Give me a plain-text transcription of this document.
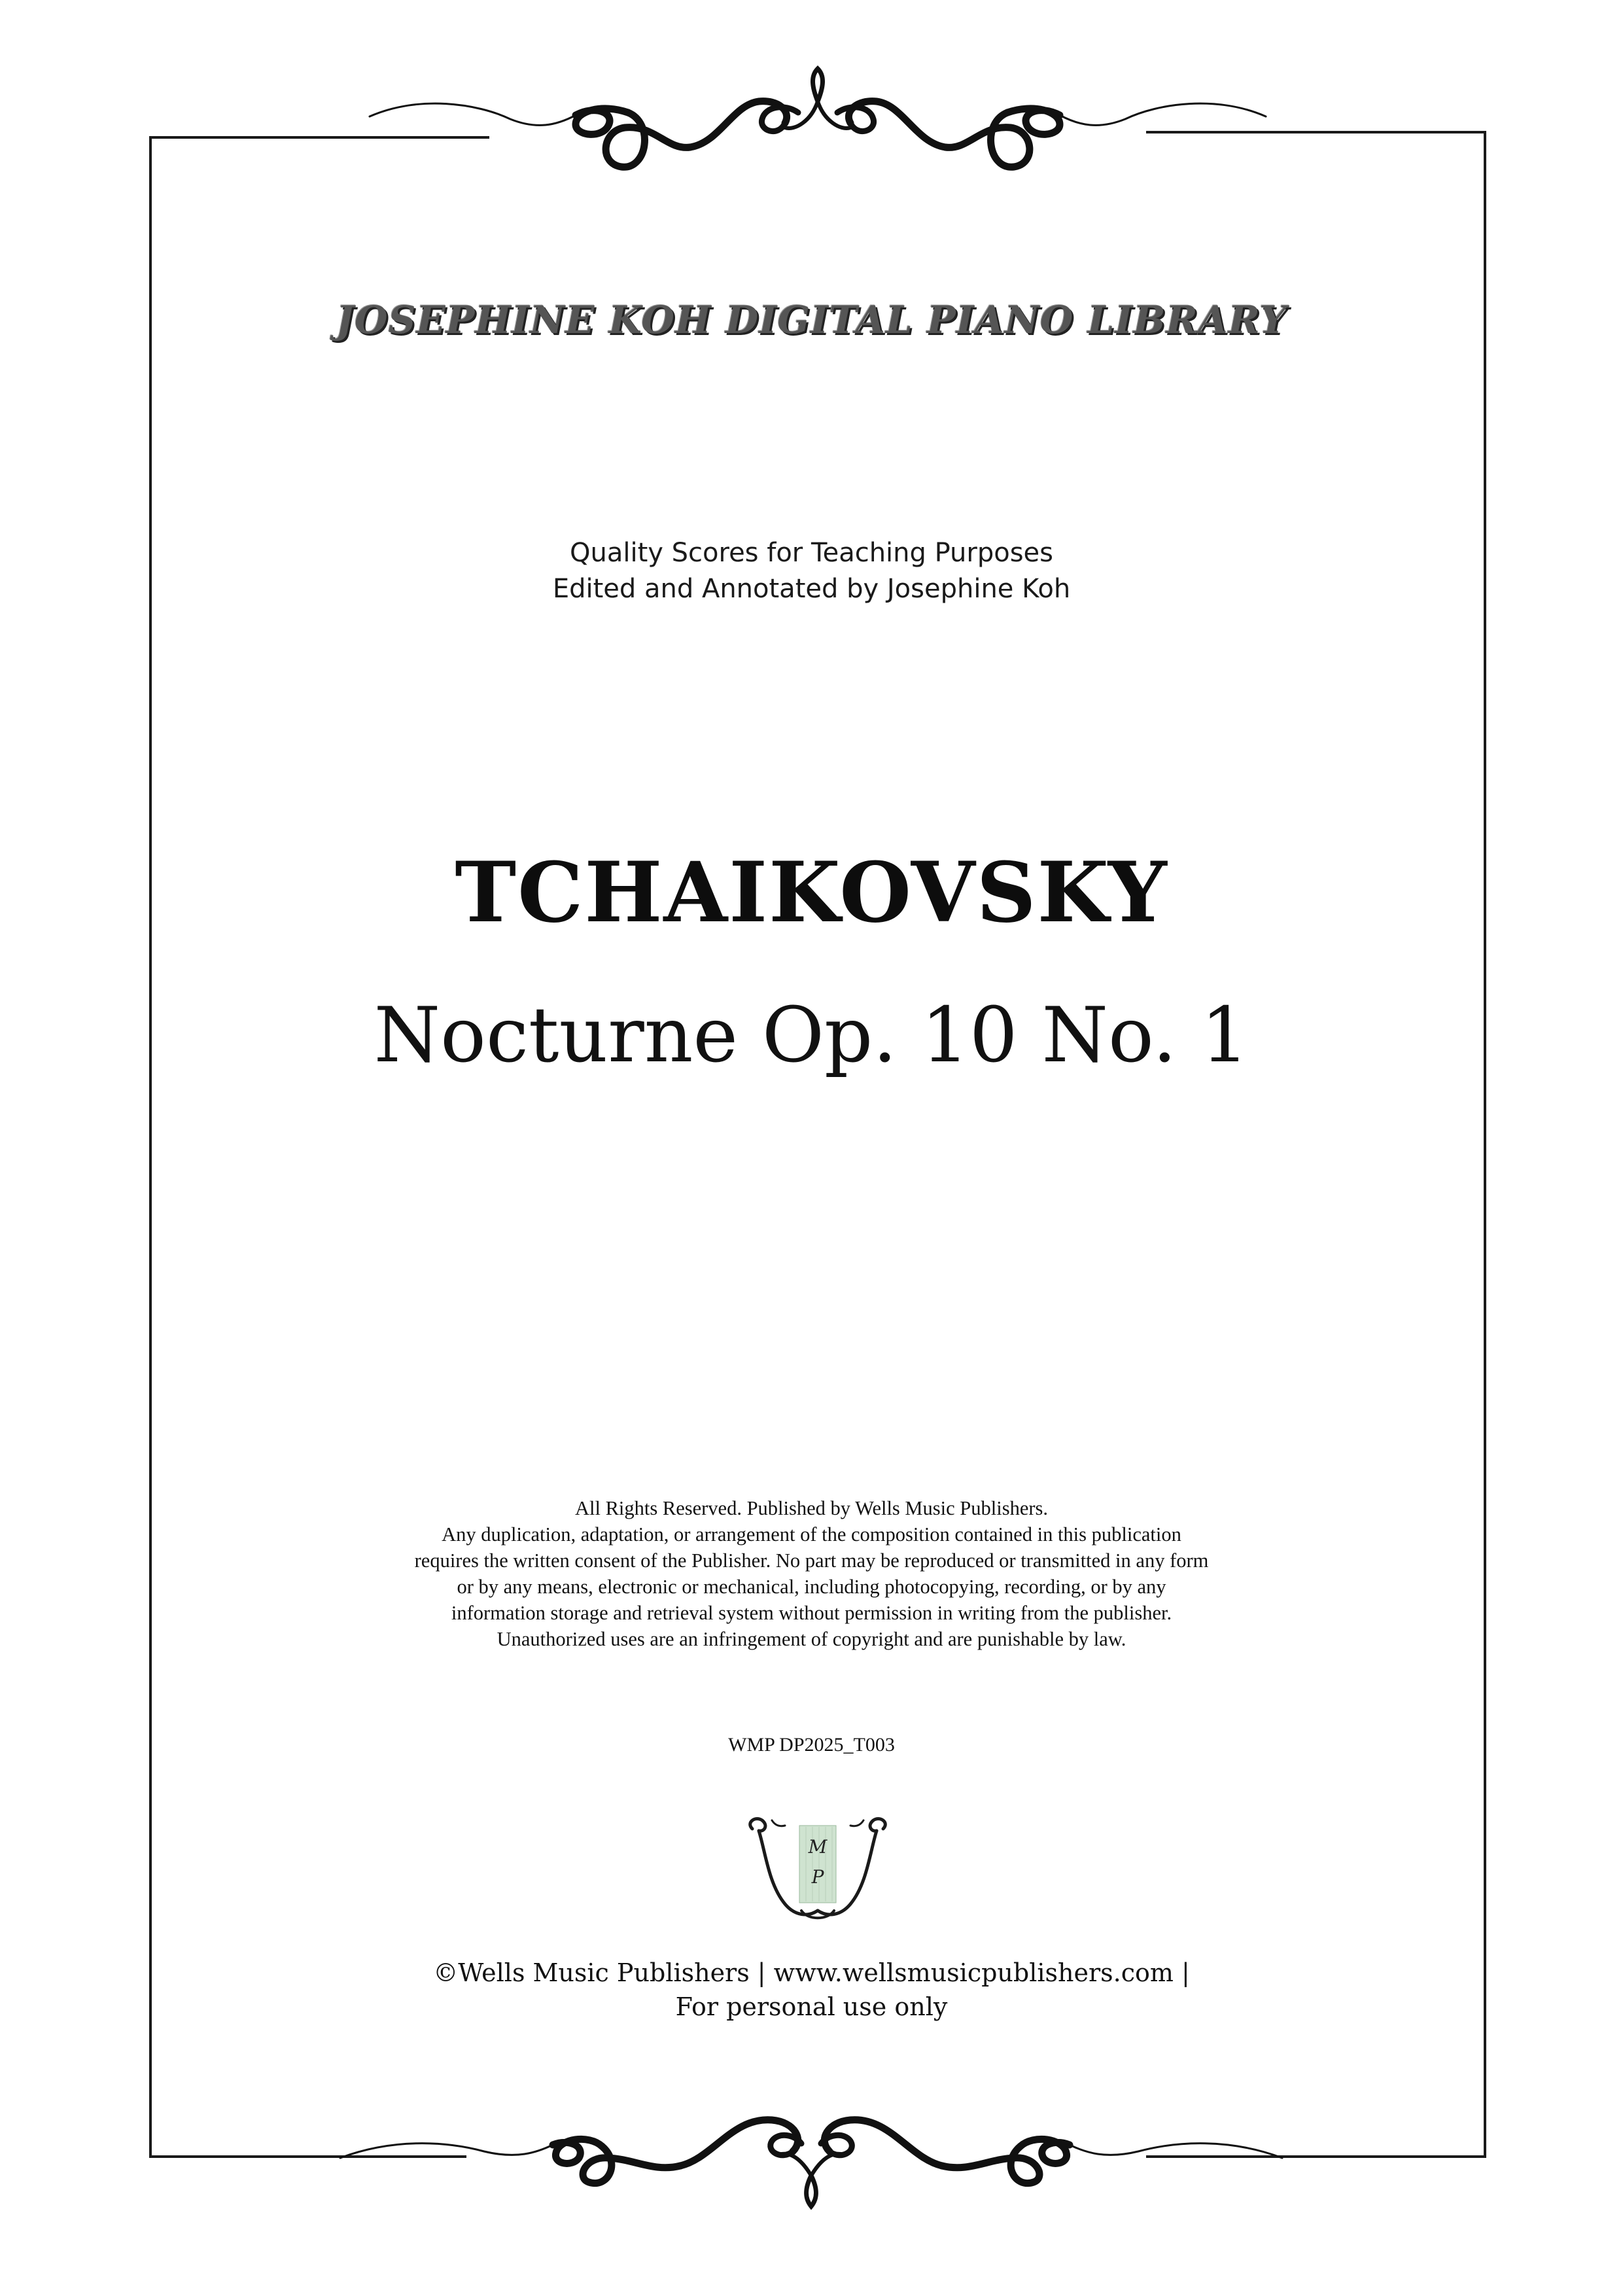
JOSEPHINE KOH DIGITAL PIANO LIBRARY
Quality Scores for Teaching Purposes
Edited and Annotated by Josephine Koh
TCHAIKOVSKY
Nocturne Op. 10 No. 1
All Rights Reserved. Published by Wells Music Publishers.
Any duplication, adaptation, or arrangement of the composition contained in this publication
requires the written consent of the Publisher. No part may be reproduced or transmitted in any form
or by any means, electronic or mechanical, including photocopying, recording, or by any
information storage and retrieval system without permission in writing from the publisher.
Unauthorized uses are an infringement of copyright and are punishable by law.
WMP DP2025_T003
M
P
©Wells Music Publishers | www.wellsmusicpublishers.com |
For personal use only
